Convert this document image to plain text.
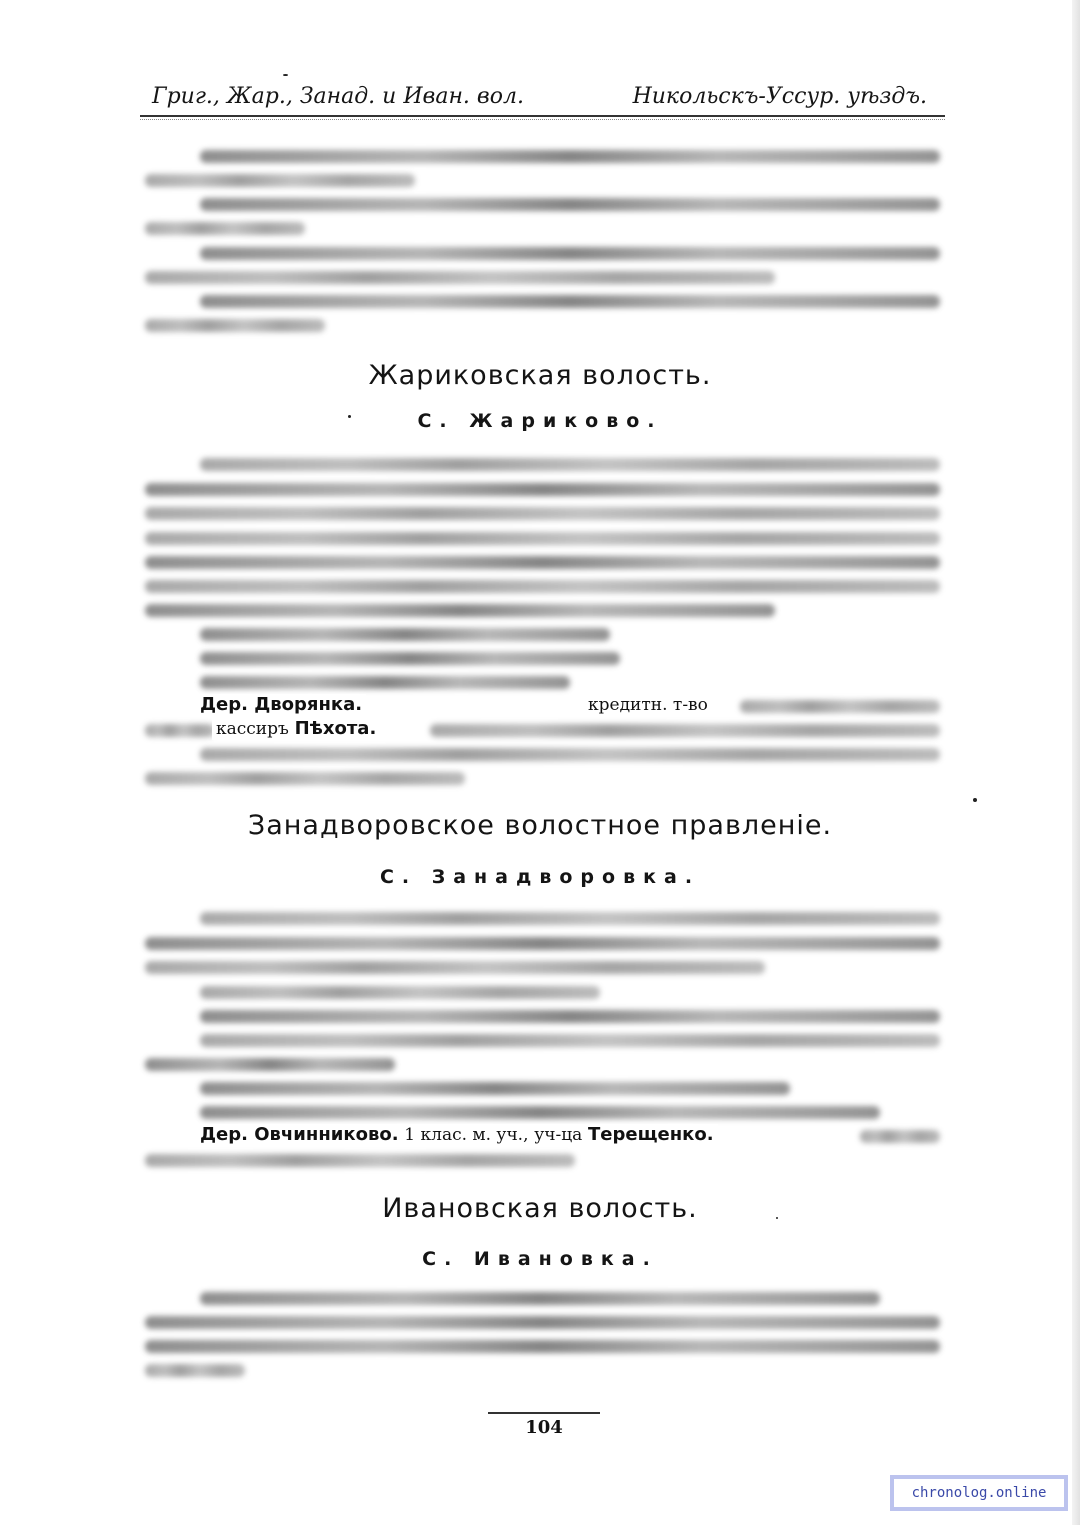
Григ., Жар., Занад. и Иван. вол.	Никольскъ-Уссур. уѣздъ.
Жариковская волость.
С. Жариково.
Дер. Дворянка.	кредитн. т-во
кассиръ Пѣхота.
Занадворовское волостное правленіе.
С. Занадворовка.
Дер. Овчинниково. 1 клас. м. уч., уч-ца Терещенко.
Ивановская волость.
С. Ивановка.
104
chronolog.online
